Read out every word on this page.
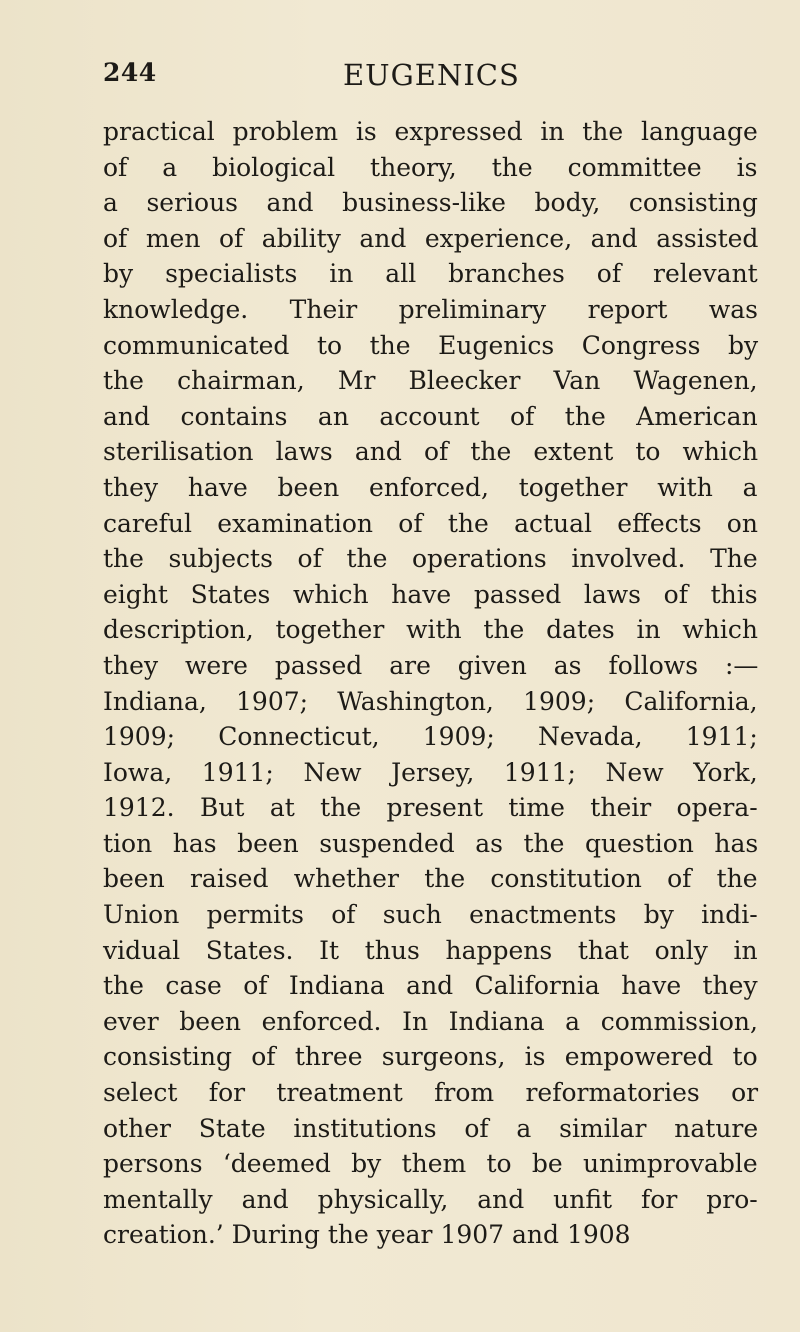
244	EUGENICS
practical problem is expressed in the language
of a biological theory, the committee is
a serious and business-like body, consisting
of men of ability and experience, and assisted
by specialists in all branches of relevant
knowledge. Their preliminary report was
communicated to the Eugenics Congress by
the chairman, Mr Bleecker Van Wagenen,
and contains an account of the American
sterilisation laws and of the extent to which
they have been enforced, together with a
careful examination of the actual effects on
the subjects of the operations involved. The
eight States which have passed laws of this
description, together with the dates in which
they were passed are given as follows :—
Indiana, 1907; Washington, 1909; California,
1909; Connecticut, 1909; Nevada, 1911;
Iowa, 1911; New Jersey, 1911; New York,
1912. But at the present time their opera-
tion has been suspended as the question has
been raised whether the constitution of the
Union permits of such enactments by indi-
vidual States. It thus happens that only in
the case of Indiana and California have they
ever been enforced. In Indiana a commission,
consisting of three surgeons, is empowered to
select for treatment from reformatories or
other State institutions of a similar nature
persons ‘deemed by them to be unimprovable
mentally and physically, and unfit for pro-
creation.’ During the year 1907 and 1908
